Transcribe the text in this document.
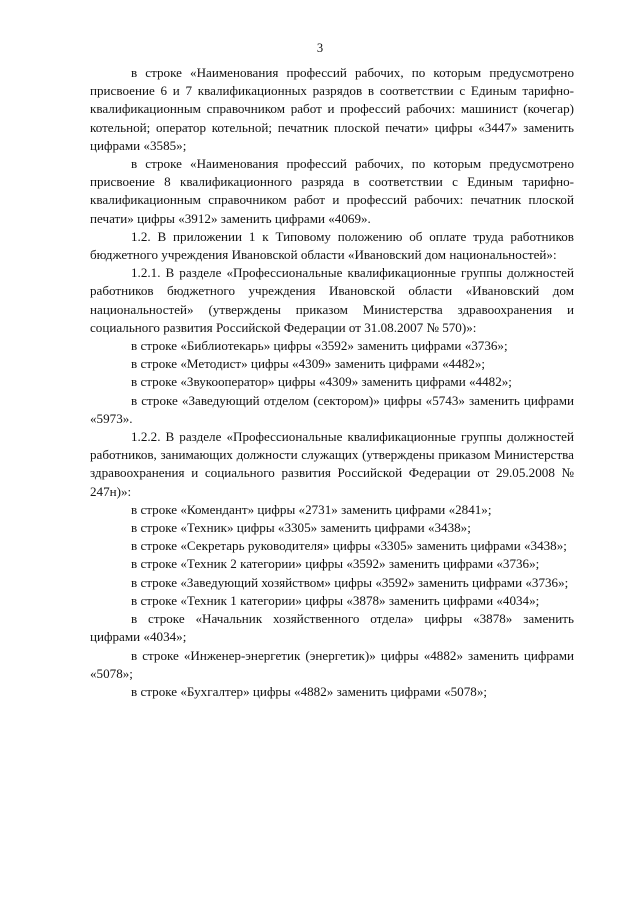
3

в строке «Наименования профессий рабочих, по которым предусмотрено присвоение 6 и 7 квалификационных разрядов в соответствии с Единым тарифно-квалификационным справочником работ и профессий рабочих: машинист (кочегар) котельной; оператор котельной; печатник плоской печати» цифры «3447» заменить цифрами «3585»;

в строке «Наименования профессий рабочих, по которым предусмотрено присвоение 8 квалификационного разряда в соответствии с Единым тарифно-квалификационным справочником работ и профессий рабочих: печатник плоской печати» цифры «3912» заменить цифрами «4069».

1.2. В приложении 1 к Типовому положению об оплате труда работников бюджетного учреждения Ивановской области «Ивановский дом национальностей»:

1.2.1. В разделе «Профессиональные квалификационные группы должностей работников бюджетного учреждения Ивановской области «Ивановский дом национальностей» (утверждены приказом Министерства здравоохранения и социального развития Российской Федерации от 31.08.2007 № 570)»:

в строке «Библиотекарь» цифры «3592» заменить цифрами «3736»;

в строке «Методист» цифры «4309» заменить цифрами «4482»;

в строке «Звукооператор» цифры «4309» заменить цифрами «4482»;

в строке «Заведующий отделом (сектором)» цифры «5743» заменить цифрами «5973».

1.2.2. В разделе «Профессиональные квалификационные группы должностей работников, занимающих должности служащих (утверждены приказом Министерства здравоохранения и социального развития Российской Федерации от 29.05.2008 № 247н)»:

в строке «Комендант» цифры «2731» заменить цифрами «2841»;

в строке «Техник» цифры «3305» заменить цифрами «3438»;

в строке «Секретарь руководителя» цифры «3305» заменить цифрами «3438»;

в строке «Техник 2 категории» цифры «3592» заменить цифрами «3736»;

в строке «Заведующий хозяйством» цифры «3592» заменить цифрами «3736»;

в строке «Техник 1 категории» цифры «3878» заменить цифрами «4034»;

в строке «Начальник хозяйственного отдела» цифры «3878» заменить цифрами «4034»;

в строке «Инженер-энергетик (энергетик)» цифры «4882» заменить цифрами «5078»;

в строке «Бухгалтер» цифры «4882» заменить цифрами «5078»;
